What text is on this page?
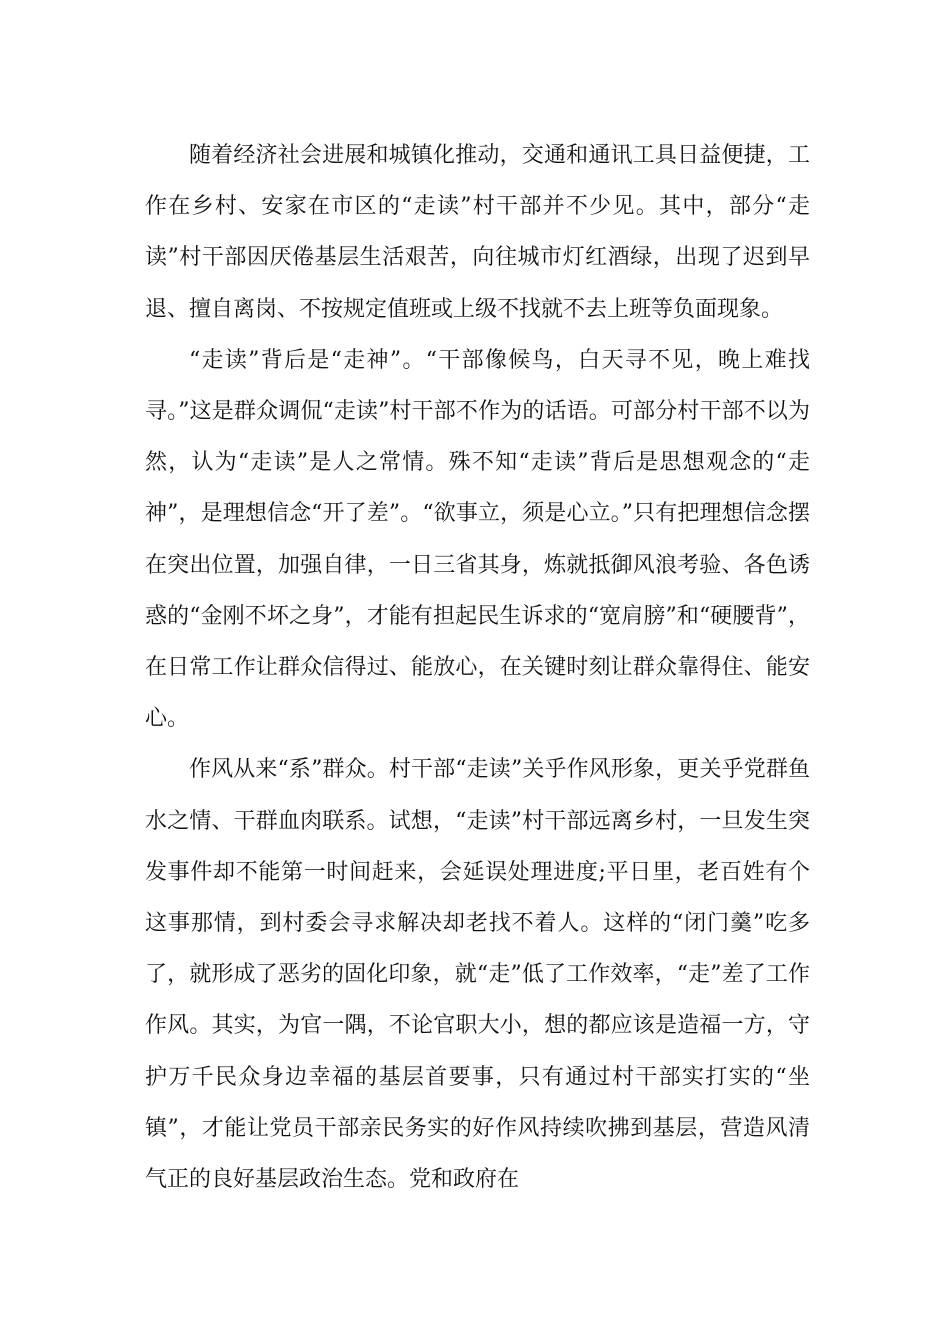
随着经济社会进展和城镇化推动，交通和通讯工具日益便捷，工作在乡村、安家在市区的“走读”村干部并不少见。其中，部分“走读”村干部因厌倦基层生活艰苦，向往城市灯红酒绿，出现了迟到早退、擅自离岗、不按规定值班或上级不找就不去上班等负面现象。

“走读”背后是“走神”。“干部像候鸟，白天寻不见，晚上难找寻。”这是群众调侃“走读”村干部不作为的话语。可部分村干部不以为然，认为“走读”是人之常情。殊不知“走读”背后是思想观念的“走神”，是理想信念“开了差”。“欲事立，须是心立。”只有把理想信念摆在突出位置，加强自律，一日三省其身，炼就抵御风浪考验、各色诱惑的“金刚不坏之身”，才能有担起民生诉求的“宽肩膀”和“硬腰背”，在日常工作让群众信得过、能放心，在关键时刻让群众靠得住、能安心。

作风从来“系”群众。村干部“走读”关乎作风形象，更关乎党群鱼水之情、干群血肉联系。试想，“走读”村干部远离乡村，一旦发生突发事件却不能第一时间赶来，会延误处理进度;平日里，老百姓有个这事那情，到村委会寻求解决却老找不着人。这样的“闭门羹”吃多了，就形成了恶劣的固化印象，就“走”低了工作效率，“走”差了工作作风。其实，为官一隅，不论官职大小，想的都应该是造福一方，守护万千民众身边幸福的基层首要事，只有通过村干部实打实的“坐镇”，才能让党员干部亲民务实的好作风持续吹拂到基层，营造风清气正的良好基层政治生态。党和政府在
